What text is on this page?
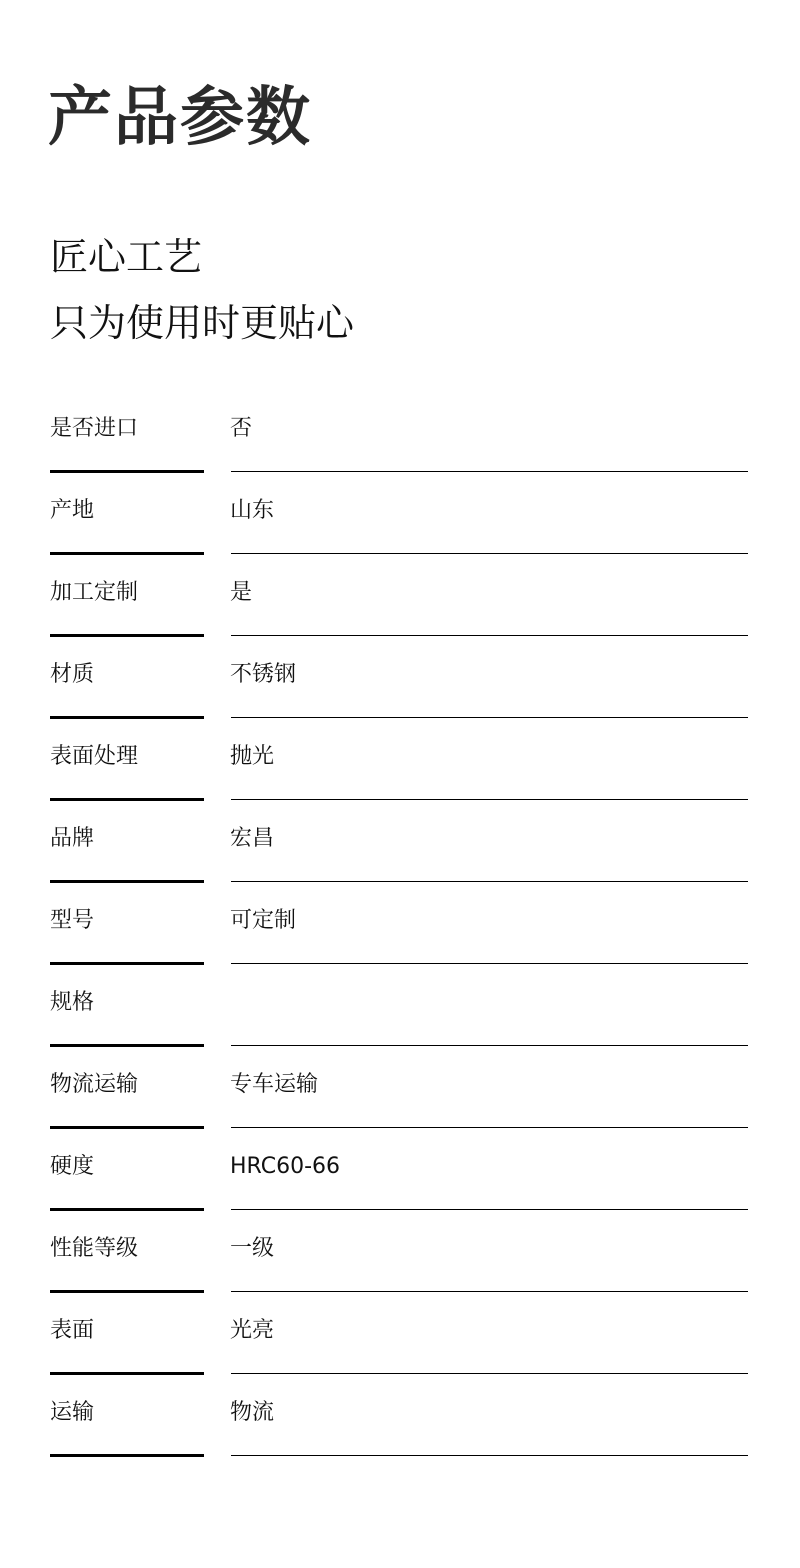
产品参数
匠心工艺
只为使用时更贴心
是否进口	否
产地	山东
加工定制	是
材质	不锈钢
表面处理	抛光
品牌	宏昌
型号	可定制
规格
物流运输	专车运输
硬度	HRC60-66
性能等级	一级
表面	光亮
运输	物流
